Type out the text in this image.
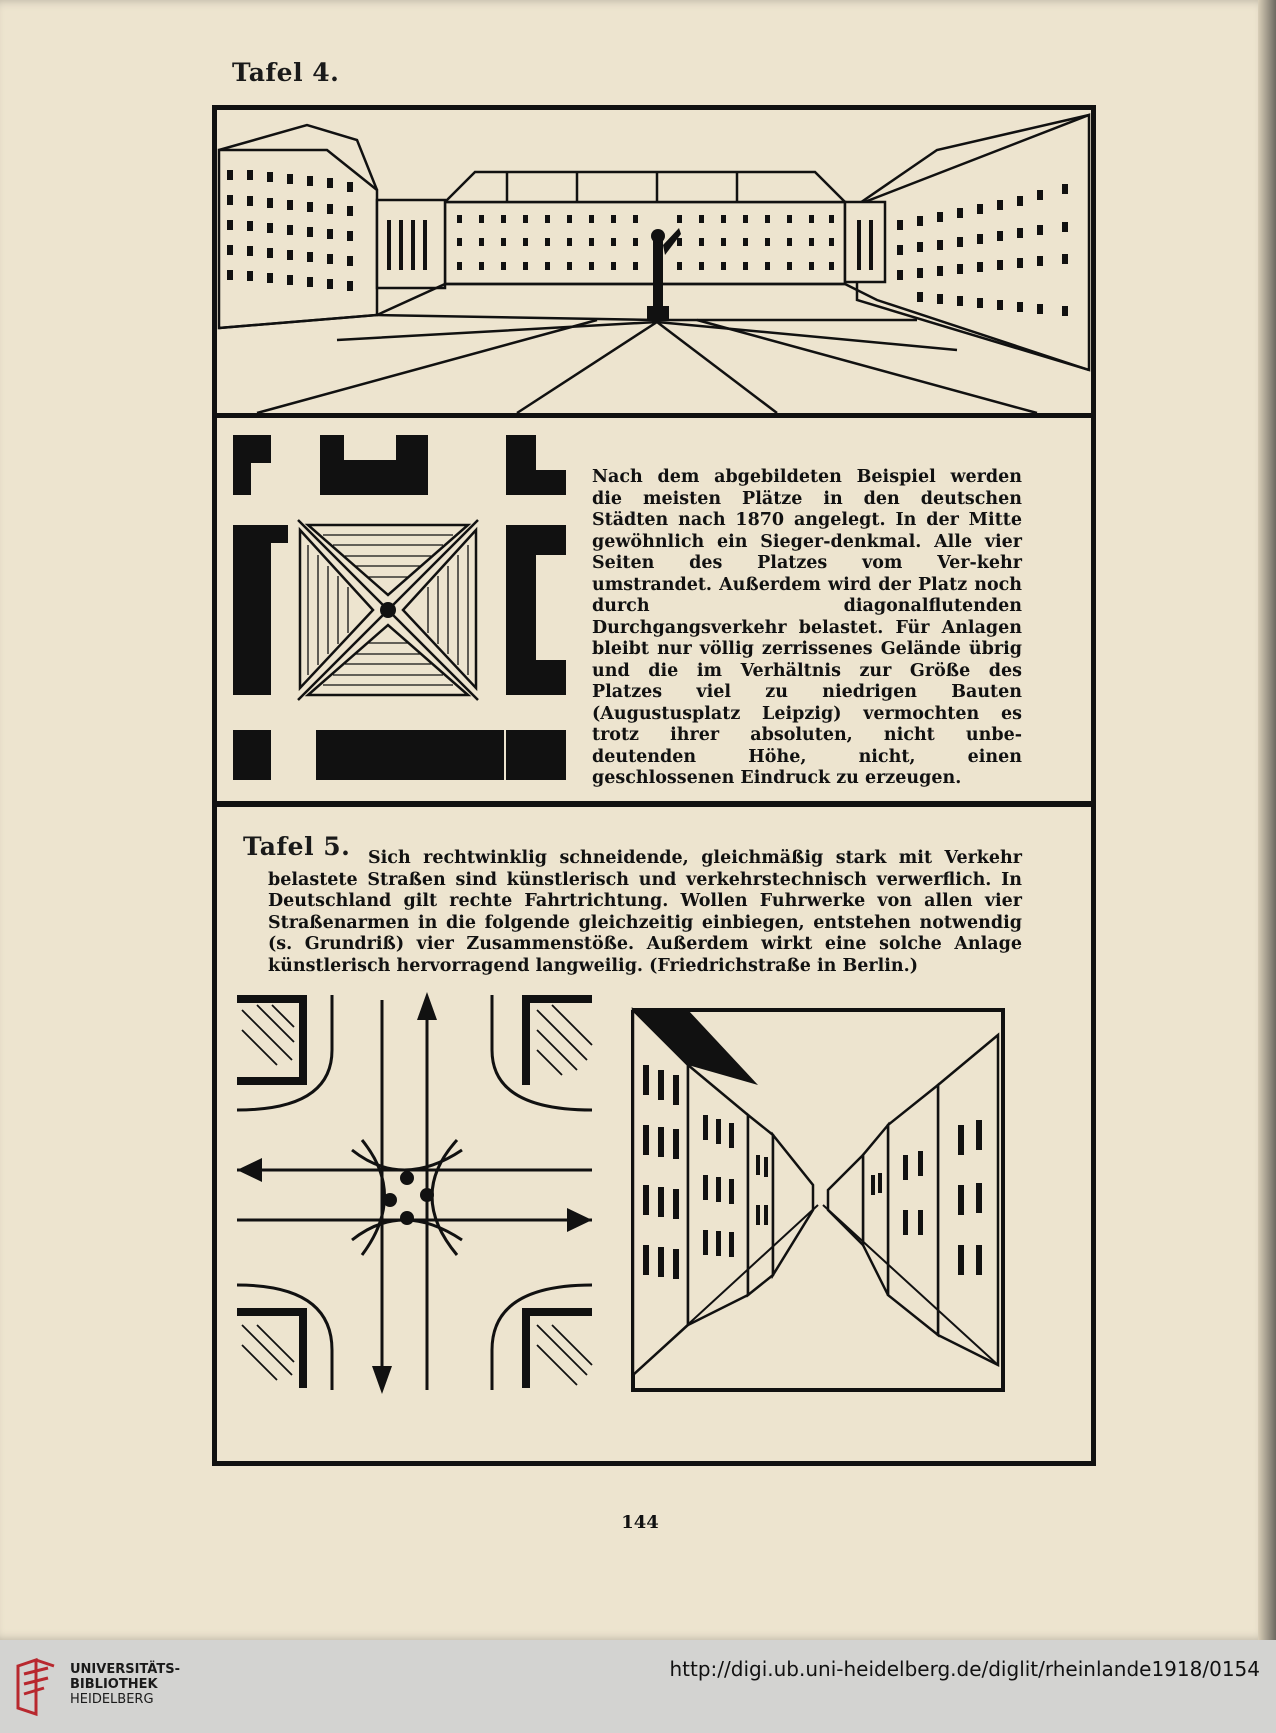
Tafel 4.
Nach dem abgebildeten Beispiel werden die meisten Plätze in den deutschen Städten nach 1870 angelegt. In der Mitte gewöhnlich ein Sieger-denkmal. Alle vier Seiten des Platzes vom Ver-kehr umstrandet. Außerdem wird der Platz noch durch diagonalflutenden Durchgangsverkehr belastet. Für Anlagen bleibt nur völlig zerrissenes Gelände übrig und die im Verhältnis zur Größe des Platzes viel zu niedrigen Bauten (Augustusplatz Leipzig) vermochten es trotz ihrer absoluten, nicht unbe-deutenden Höhe, nicht, einen geschlossenen Eindruck zu erzeugen.
Tafel 5.	Sich rechtwinklig schneidende, gleichmäßig stark mit Verkehr belastete Straßen sind künstlerisch und verkehrstechnisch verwerflich. In Deutschland gilt rechte Fahrtrichtung. Wollen Fuhrwerke von allen vier Straßenarmen in die folgende gleichzeitig einbiegen, entstehen notwendig (s. Grundriß) vier Zusammenstöße. Außerdem wirkt eine solche Anlage künstlerisch hervorragend langweilig. (Friedrichstraße in Berlin.)
144
UNIVERSITÄTS-
BIBLIOTHEK
HEIDELBERG
http://digi.ub.uni-heidelberg.de/diglit/rheinlande1918/0154
